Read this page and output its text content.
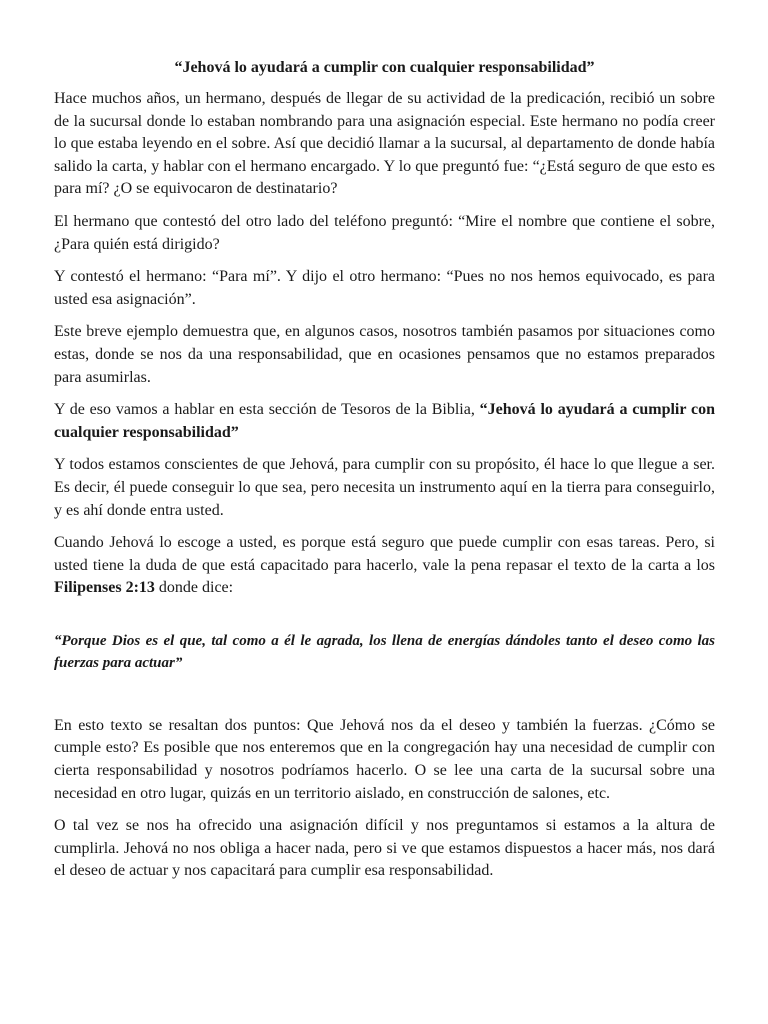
“Jehová lo ayudará a cumplir con cualquier responsabilidad”

Hace muchos años, un hermano, después de llegar de su actividad de la predicación, recibió un sobre de la sucursal donde lo estaban nombrando para una asignación especial. Este hermano no podía creer lo que estaba leyendo en el sobre. Así que decidió llamar a la sucursal, al departamento de donde había salido la carta, y hablar con el hermano encargado. Y lo que preguntó fue: “¿Está seguro de que esto es para mí? ¿O se equivocaron de destinatario?

El hermano que contestó del otro lado del teléfono preguntó: “Mire el nombre que contiene el sobre, ¿Para quién está dirigido?

Y contestó el hermano: “Para mí”. Y dijo el otro hermano: “Pues no nos hemos equivocado, es para usted esa asignación”.

Este breve ejemplo demuestra que, en algunos casos, nosotros también pasamos por situaciones como estas, donde se nos da una responsabilidad, que en ocasiones pensamos que no estamos preparados para asumirlas.

Y de eso vamos a hablar en esta sección de Tesoros de la Biblia, “Jehová lo ayudará a cumplir con cualquier responsabilidad”

Y todos estamos conscientes de que Jehová, para cumplir con su propósito, él hace lo que llegue a ser. Es decir, él puede conseguir lo que sea, pero necesita un instrumento aquí en la tierra para conseguirlo, y es ahí donde entra usted.

Cuando Jehová lo escoge a usted, es porque está seguro que puede cumplir con esas tareas. Pero, si usted tiene la duda de que está capacitado para hacerlo, vale la pena repasar el texto de la carta a los Filipenses 2:13 donde dice:

“Porque Dios es el que, tal como a él le agrada, los llena de energías dándoles tanto el deseo como las fuerzas para actuar”

En esto texto se resaltan dos puntos: Que Jehová nos da el deseo y también la fuerzas. ¿Cómo se cumple esto? Es posible que nos enteremos que en la congregación hay una necesidad de cumplir con cierta responsabilidad y nosotros podríamos hacerlo. O se lee una carta de la sucursal sobre una necesidad en otro lugar, quizás en un territorio aislado, en construcción de salones, etc.

O tal vez se nos ha ofrecido una asignación difícil y nos preguntamos si estamos a la altura de cumplirla. Jehová no nos obliga a hacer nada, pero si ve que estamos dispuestos a hacer más, nos dará el deseo de actuar y nos capacitará para cumplir esa responsabilidad.
